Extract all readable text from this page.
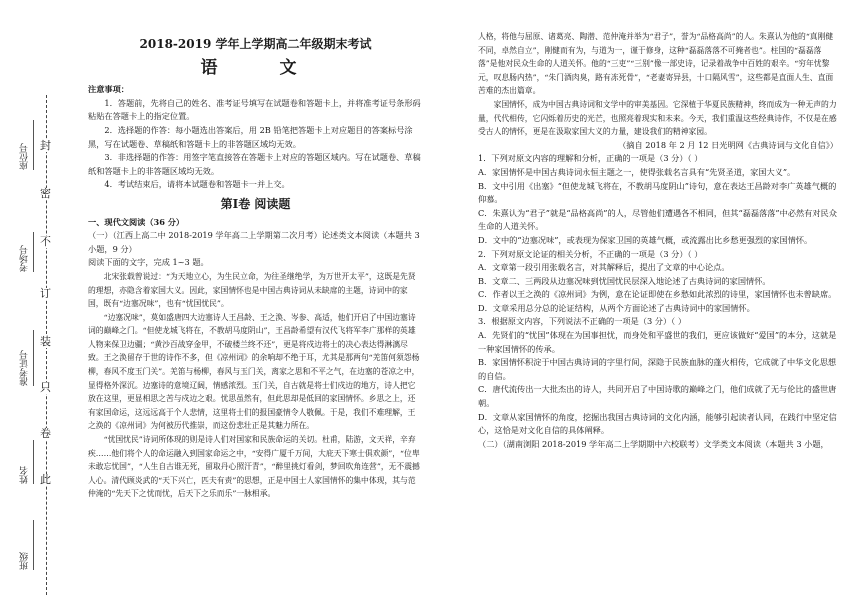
封
密
不
订
装
只
卷
此
考场号
座位号
准考证号
姓名
班级

2018-2019 学年上学期高二年级期末考试

语 文

注意事项：

1．答题前，先将自己的姓名、准考证号填写在试题卷和答题卡上，并将准考证号条形码粘贴在答题卡上的指定位置。

2．选择题的作答：每小题选出答案后，用 2B 铅笔把答题卡上对应题目的答案标号涂黑，写在试题卷、草稿纸和答题卡上的非答题区域均无效。

3．非选择题的作答：用签字笔直接答在答题卡上对应的答题区域内。写在试题卷、草稿纸和答题卡上的非答题区域均无效。

4．考试结束后，请将本试题卷和答题卡一并上交。

第Ⅰ卷 阅读题

一、现代文阅读（36 分）

（一）（江西上高二中 2018-2019 学年高二上学期第二次月考）论述类文本阅读（本题共 3 小题，9 分）

阅读下面的文字，完成 1~3 题。

北宋张载曾说过：“为天地立心，为生民立命，为往圣继绝学，为万世开太平”，这既是先贤的理想，亦隐含着家国大义。因此，家国情怀也是中国古典诗词从未缺席的主题，诗词中的家国，既有“边塞况味”，也有“忧国忧民”。

“边塞况味”，莫如盛唐四大边塞诗人王昌龄、王之涣、岑参、高适，他们开启了中国边塞诗词的巅峰之门。“但使龙城飞将在，不教胡马度阴山”，王昌龄希望有汉代飞将军李广那样的英雄人物来保卫边疆；“黄沙百战穿金甲，不破楼兰终不还”，更是将戍边将士的决心表达得淋漓尽致。王之涣留存于世的诗作不多，但《凉州词》的余响却不绝于耳，尤其是那两句“羌笛何须怨杨柳，春风不度玉门关”。羌笛与杨柳，春风与玉门关，离家之思和不平之气，在边塞的苍凉之中，显得格外深沉。边塞诗的意境辽阔，情感浓烈。玉门关，自古就是将士们戍边的地方，诗人把它放在这里，更显相思之苦与戍边之艰。忧思虽然有，但此思却是低回的家国情怀。乡思之上，还有家国命运，这远远高于个人悲情，这里将士们的报国豪情令人敬佩。于是，我们不难理解，王之涣的《凉州词》为何被历代推崇，而这份悲壮正是其魅力所在。

“忧国忧民”诗词所体现的则是诗人们对国家和民族命运的关切。杜甫，陆游，文天祥，辛弃疾……他们将个人的命运融入到国家命运之中，“安得广厦千万间，大庇天下寒士俱欢颜”，“位卑未敢忘忧国”，“人生自古谁无死，留取丹心照汗青”，“醉里挑灯看剑，梦回吹角连营”，无不震撼人心。清代顾炎武的“天下兴亡，匹夫有责”的思想，正是中国士人家国情怀的集中体现，其与范仲淹的“先天下之忧而忧，后天下之乐而乐”一脉相承。

人格，将他与屈原、诸葛亮、陶潜、范仲淹并举为“君子”，誉为“品格高尚”的人。朱熹认为他的“真刚健不同，卓然自立”，刚健而有为，与道为一，谨于修身，这种“磊磊落落不可掩者也”。柱国的“磊磊落落”是他对民众生命的人道关怀。他的“三吏”“三别”像一部史诗，记录着战争中百姓的艰辛。“穷年忧黎元，叹息肠内热”，“朱门酒肉臭，路有冻死骨”，“老妻寄异县，十口隔风雪”，这些都是直面人生、直面苦难的杰出篇章。

家国情怀，成为中国古典诗词和文学中的审美基因。它深植于华夏民族精神，终而成为一种无声的力量，代代相传，它闪烁着历史的光芒，也照亮着现实和未来。今天，我们重温这些经典诗作，不仅是在感受古人的情怀，更是在汲取家国大义的力量，建设我们的精神家园。

（摘自 2018 年 2 月 12 日光明网《古典诗词与文化自信》）

1．下列对原文内容的理解和分析，正确的一项是（3 分）（ ）

A．家国情怀是中国古典诗词永恒主题之一，使得张载名言具有“先贤圣道，家国大义”。

B．文中引用《出塞》“但使龙城飞将在，不教胡马度阴山”诗句，意在表达王昌龄对李广英雄气概的仰慕。

C．朱熹认为“君子”就是“品格高尚”的人，尽管他们遭遇各不相同，但其“磊磊落落”中必然有对民众生命的人道关怀。

D．文中的“边塞况味”，或表现为保家卫国的英雄气概，或流露出比乡愁更强烈的家国情怀。

2．下列对原文论证的相关分析，不正确的一项是（3 分）（ ）

A．文章第一段引用张载名言，对其解释后，提出了文章的中心论点。

B．文章二、三两段从边塞况味到忧国忧民层深入地论述了古典诗词的家国情怀。

C．作者以王之涣的《凉州词》为例，意在论证即使在乡愁如此浓烈的诗里，家国情怀也未曾缺席。

D．文章采用总分总的论证结构，从两个方面论述了古典诗词中的家国情怀。

3．根据原文内容，下列说法不正确的一项是（3 分）（ ）

A．先贤们的“忧国”体现在为国事担忧，而身处和平盛世的我们，更应该做好“爱国”的本分，这就是一种家国情怀的传承。

B．家国情怀积淀于中国古典诗词的字里行间，深隐于民族血脉的蓬火相传，它成就了中华文化思想的自信。

C．唐代流传出一大批杰出的诗人，共同开启了中国诗歌的巅峰之门，他们成就了无与伦比的盛世唐朝。

D．文章从家国情怀的角度，挖掘出我国古典诗词的文化内涵，能够引起读者认同，在践行中坚定信心，这恰是对文化自信的具体阐释。

（二）（湖南浏阳 2018-2019 学年高二上学期期中六校联考）文学类文本阅读（本题共 3 小题，
